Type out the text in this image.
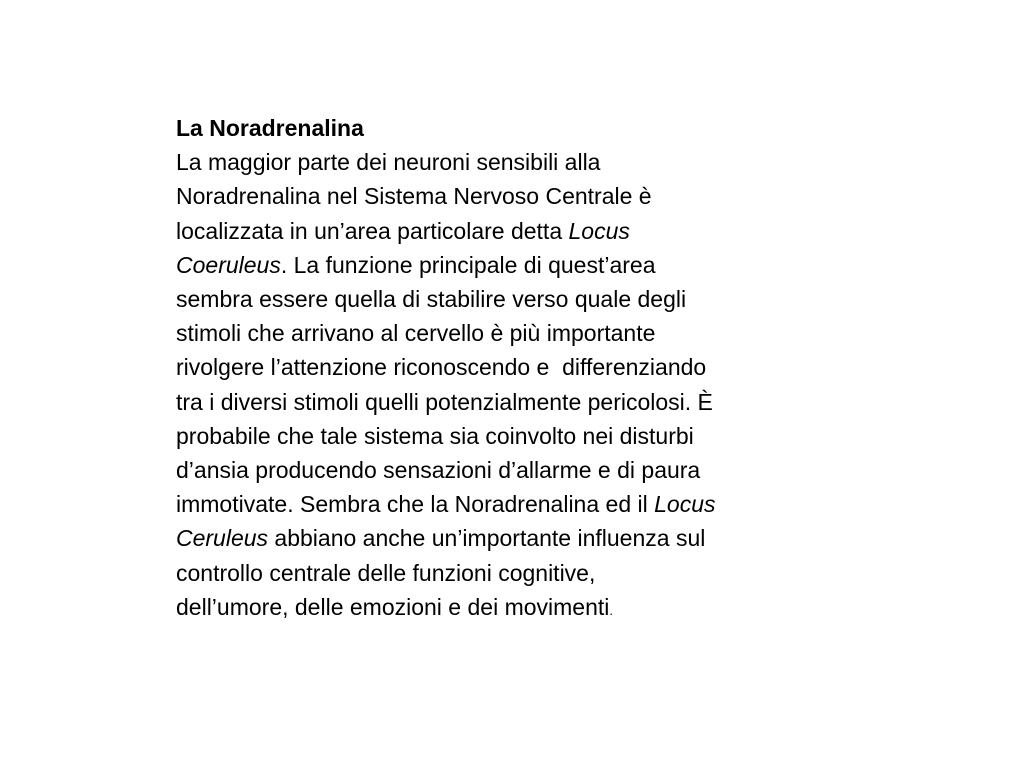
La Noradrenalina
La maggior parte dei neuroni sensibili alla
Noradrenalina nel Sistema Nervoso Centrale è
localizzata in un’area particolare detta Locus
Coeruleus. La funzione principale di quest’area
sembra essere quella di stabilire verso quale degli
stimoli che arrivano al cervello è più importante
rivolgere l’attenzione riconoscendo e  differenziando
tra i diversi stimoli quelli potenzialmente pericolosi. È
probabile che tale sistema sia coinvolto nei disturbi
d’ansia producendo sensazioni d’allarme e di paura
immotivate. Sembra che la Noradrenalina ed il Locus
Ceruleus abbiano anche un’importante influenza sul
controllo centrale delle funzioni cognitive,
dell’umore, delle emozioni e dei movimenti.
